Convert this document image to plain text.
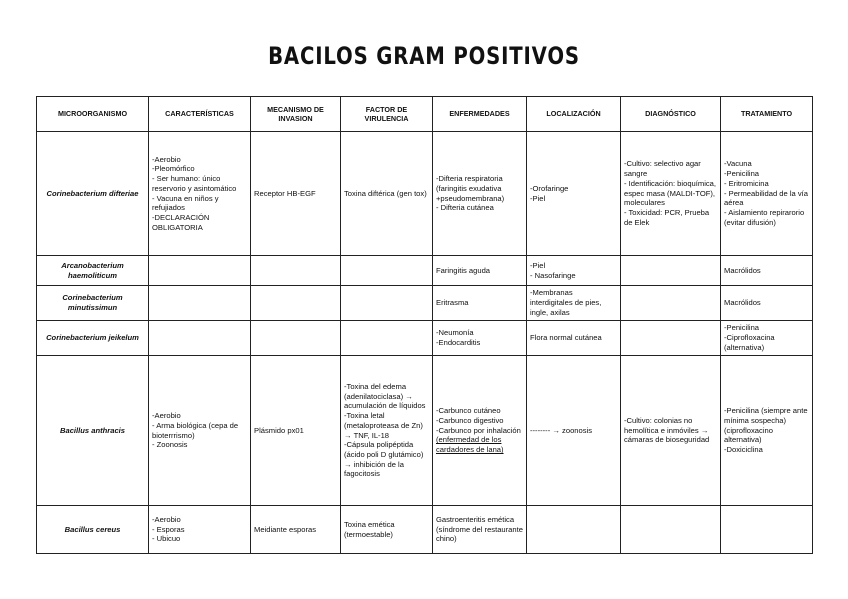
BACILOS GRAM POSITIVOS
MICROORGANISMO	CARACTERÍSTICAS	MECANISMO DE INVASION	FACTOR DE VIRULENCIA	ENFERMEDADES	LOCALIZACIÓN	DIAGNÓSTICO	TRATAMIENTO
Corinebacterium difteriae	-Aerobio
-Pleomórfico
- Ser humano: único reservorio y asintomático
- Vacuna en niños y refujiados
-DECLARACIÓN OBLIGATORIA	Receptor HB-EGF	Toxina diftérica (gen tox)	-Difteria respiratoria (faringitis exudativa +pseudomembrana)
- Difteria cutánea	-Orofaringe
-Piel	-Cultivo: selectivo agar sangre
- Identificación: bioquímica, espec masa (MALDI-TOF), moleculares
- Toxicidad: PCR, Prueba de Elek	-Vacuna
-Penicilina
- Eritromicina
- Permeabilidad de la vía aérea
- Aislamiento repirarorio (evitar difusión)

Arcanobacterium haemoliticum				Faringitis aguda	-Piel
- Nasofaringe		Macrólidos

Corinebacterium minutissimun				Eritrasma	-Membranas interdigitales de pies, ingle, axilas		Macrólidos

Corinebacterium jeikelum				-Neumonía
-Endocarditis	Flora normal cutánea		-Penicilina
-Ciprofloxacina (alternativa)

Bacillus anthracis	-Aerobio
- Arma biológica (cepa de bioterrrismo)
- Zoonosis	Plásmido px01	-Toxina del edema (adenilatociclasa) → acumulación de líquidos
-Toxina letal (metaloproteasa de Zn) → TNF, IL-18
-Cápsula polipéptida (ácido poli D glutámico) → inhibición de la fagocitosis	-Carbunco cutáneo
-Carbunco digestivo
-Carbunco por inhalación
(enfermedad de los cardadores de lana)	-------- → zoonosis	-Cultivo: colonias no hemolítica e inmóviles → cámaras de bioseguridad	-Penicilina (siempre ante mínima sospecha)
(ciprofloxacino alternativa)
-Doxiciclina

Bacillus cereus	-Aerobio
- Esporas
- Ubicuo	Meidiante esporas	Toxina emética (termoestable)	Gastroenteritis emética (síndrome del restaurante chino)			
